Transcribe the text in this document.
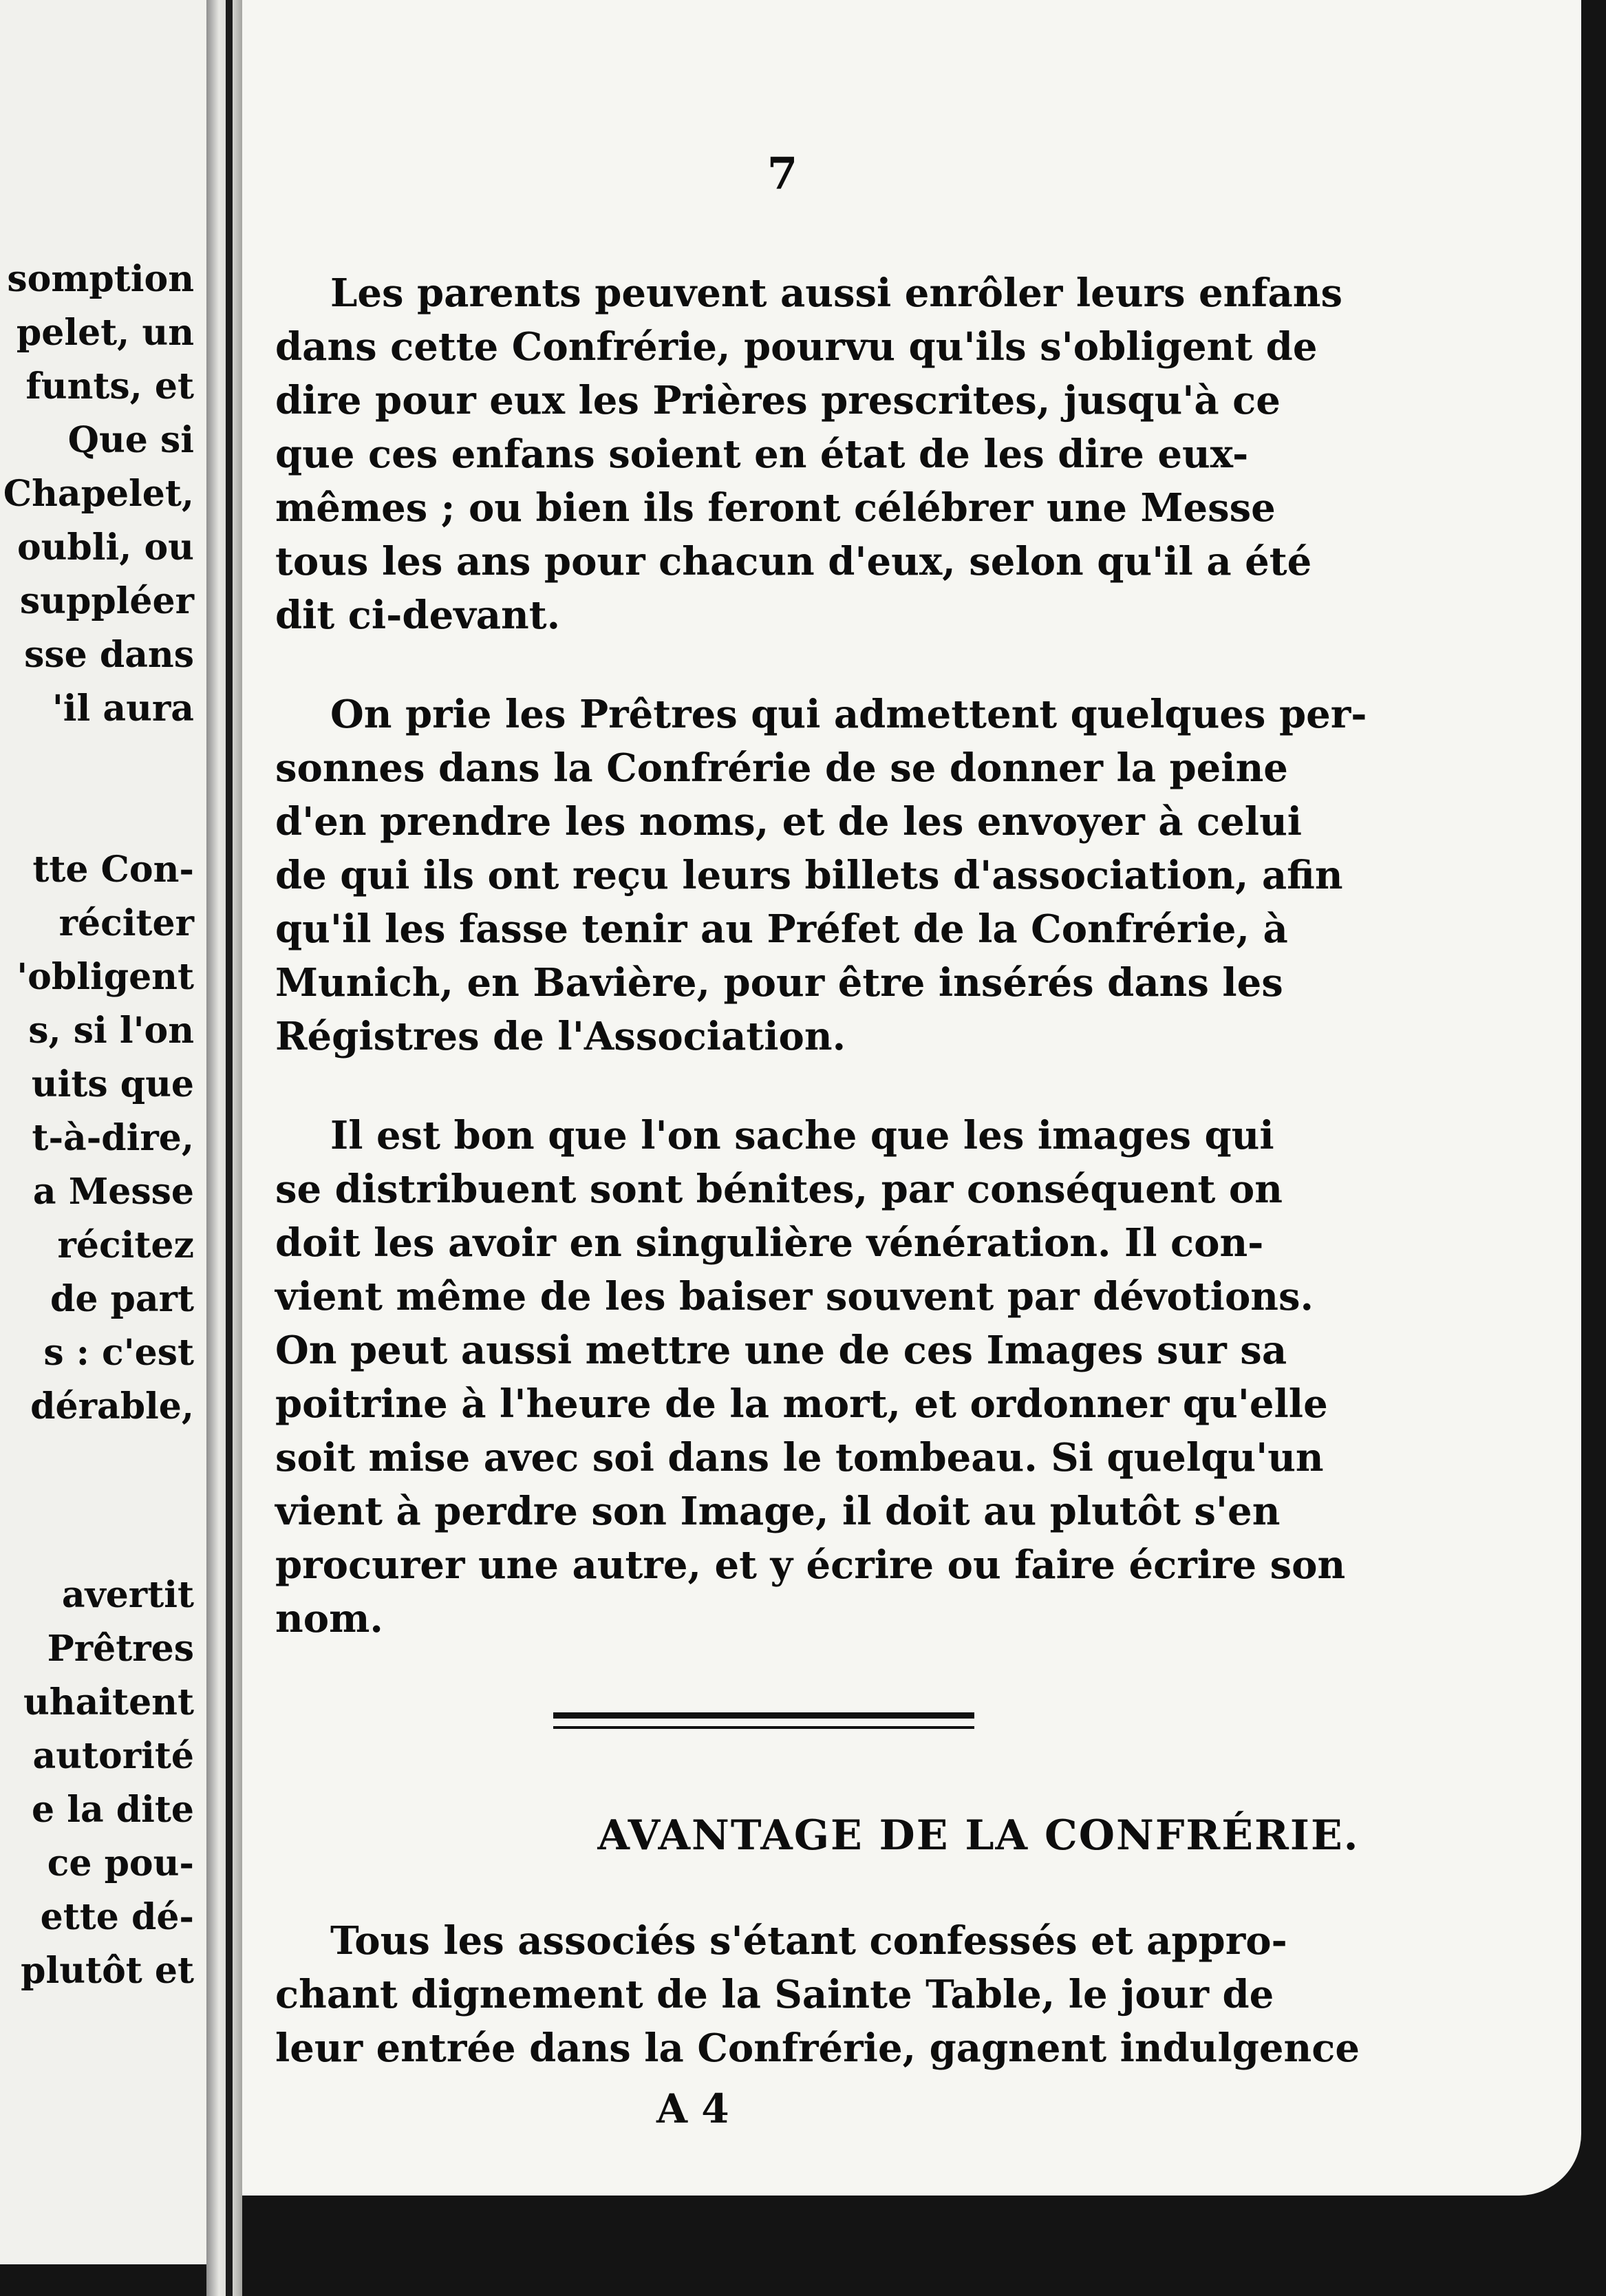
somption
pelet, un
funts, et
Que si
Chapelet,
oubli, ou
suppléer
sse dans
'il aura
tte Con-
réciter
'obligent
s, si l'on
uits que
t-à-dire,
a Messe
récitez
de part
s : c'est
dérable,
avertit
Prêtres
uhaitent
autorité
e la dite
ce pou-
ette dé-
plutôt et
7
Les parents peuvent aussi enrôler leurs enfans
dans cette Confrérie, pourvu qu'ils s'obligent de
dire pour eux les Prières prescrites, jusqu'à ce
que ces enfans soient en état de les dire eux-
mêmes ; ou bien ils feront célébrer une Messe
tous les ans pour chacun d'eux, selon qu'il a été
dit ci-devant.
On prie les Prêtres qui admettent quelques per-
sonnes dans la Confrérie de se donner la peine
d'en prendre les noms, et de les envoyer à celui
de qui ils ont reçu leurs billets d'association, afin
qu'il les fasse tenir au Préfet de la Confrérie, à
Munich, en Bavière, pour être insérés dans les
Régistres de l'Association.
Il est bon que l'on sache que les images qui
se distribuent sont bénites, par conséquent on
doit les avoir en singulière vénération. Il con-
vient même de les baiser souvent par dévotions.
On peut aussi mettre une de ces Images sur sa
poitrine à l'heure de la mort, et ordonner qu'elle
soit mise avec soi dans le tombeau. Si quelqu'un
vient à perdre son Image, il doit au plutôt s'en
procurer une autre, et y écrire ou faire écrire son
nom.
AVANTAGE DE LA CONFRÉRIE.
Tous les associés s'étant confessés et appro-
chant dignement de la Sainte Table, le jour de
leur entrée dans la Confrérie, gagnent indulgence
A 4
